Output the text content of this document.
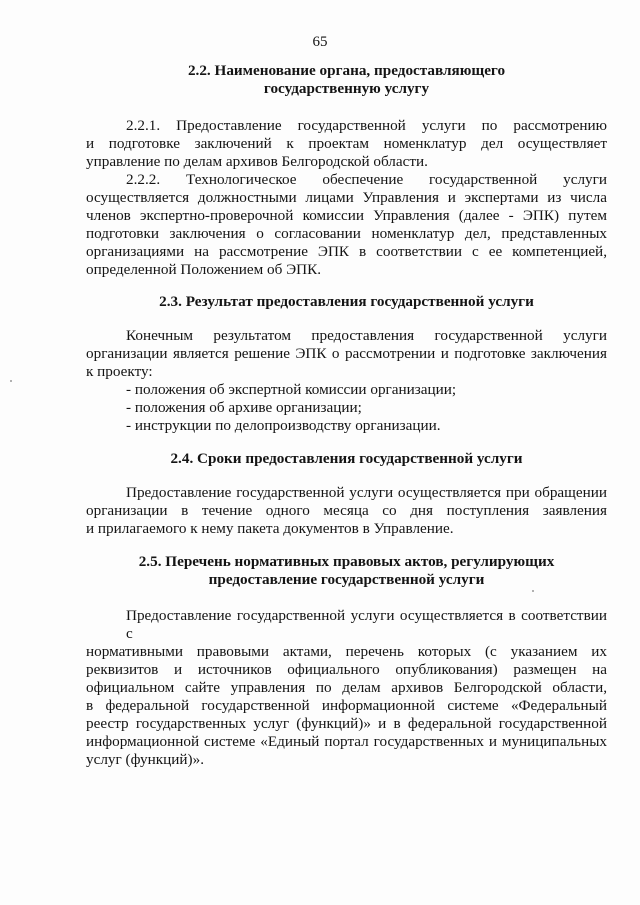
65
2.2. Наименование органа, предоставляющего
государственную услугу
2.2.1. Предоставление государственной услуги по рассмотрению
и подготовке заключений к проектам номенклатур дел осуществляет
управление по делам архивов Белгородской области.
2.2.2. Технологическое обеспечение государственной услуги
осуществляется должностными лицами Управления и экспертами из числа
членов экспертно-проверочной комиссии Управления (далее - ЭПК) путем
подготовки заключения о согласовании номенклатур дел, представленных
организациями на рассмотрение ЭПК в соответствии с ее компетенцией,
определенной Положением об ЭПК.
2.3. Результат предоставления государственной услуги
Конечным результатом предоставления государственной услуги
организации является решение ЭПК о рассмотрении и подготовке заключения
к проекту:
- положения об экспертной комиссии организации;
- положения об архиве организации;
- инструкции по делопроизводству организации.
2.4. Сроки предоставления государственной услуги
Предоставление государственной услуги осуществляется при обращении
организации в течение одного месяца со дня поступления заявления
и прилагаемого к нему пакета документов в Управление.
2.5. Перечень нормативных правовых актов, регулирующих
предоставление государственной услуги
Предоставление государственной услуги осуществляется в соответствии с
нормативными правовыми актами, перечень которых (с указанием их
реквизитов и источников официального опубликования) размещен на
официальном сайте управления по делам архивов Белгородской области,
в федеральной государственной информационной системе «Федеральный
реестр государственных услуг (функций)» и в федеральной государственной
информационной системе «Единый портал государственных и муниципальных
услуг (функций)».
